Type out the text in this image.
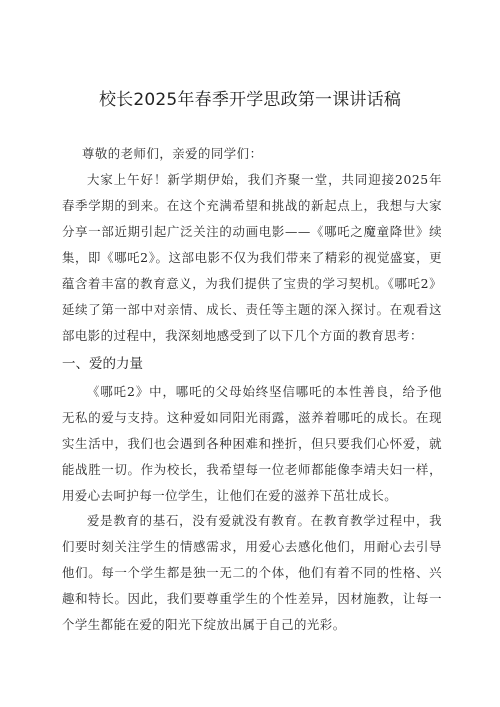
校长2025年春季开学思政第一课讲话稿

尊敬的老师们，亲爱的同学们：

大家上午好！新学期伊始，我们齐聚一堂，共同迎接2025年春季学期的到来。在这个充满希望和挑战的新起点上，我想与大家分享一部近期引起广泛关注的动画电影——《哪吒之魔童降世》续集，即《哪吒2》。这部电影不仅为我们带来了精彩的视觉盛宴，更蕴含着丰富的教育意义，为我们提供了宝贵的学习契机。《哪吒2》延续了第一部中对亲情、成长、责任等主题的深入探讨。在观看这部电影的过程中，我深刻地感受到了以下几个方面的教育思考：

一、爱的力量

《哪吒2》中，哪吒的父母始终坚信哪吒的本性善良，给予他无私的爱与支持。这种爱如同阳光雨露，滋养着哪吒的成长。在现实生活中，我们也会遇到各种困难和挫折，但只要我们心怀爱，就能战胜一切。作为校长，我希望每一位老师都能像李靖夫妇一样，用爱心去呵护每一位学生，让他们在爱的滋养下茁壮成长。

爱是教育的基石，没有爱就没有教育。在教育教学过程中，我们要时刻关注学生的情感需求，用爱心去感化他们，用耐心去引导他们。每一个学生都是独一无二的个体，他们有着不同的性格、兴趣和特长。因此，我们要尊重学生的个性差异，因材施教，让每一个学生都能在爱的阳光下绽放出属于自己的光彩。
